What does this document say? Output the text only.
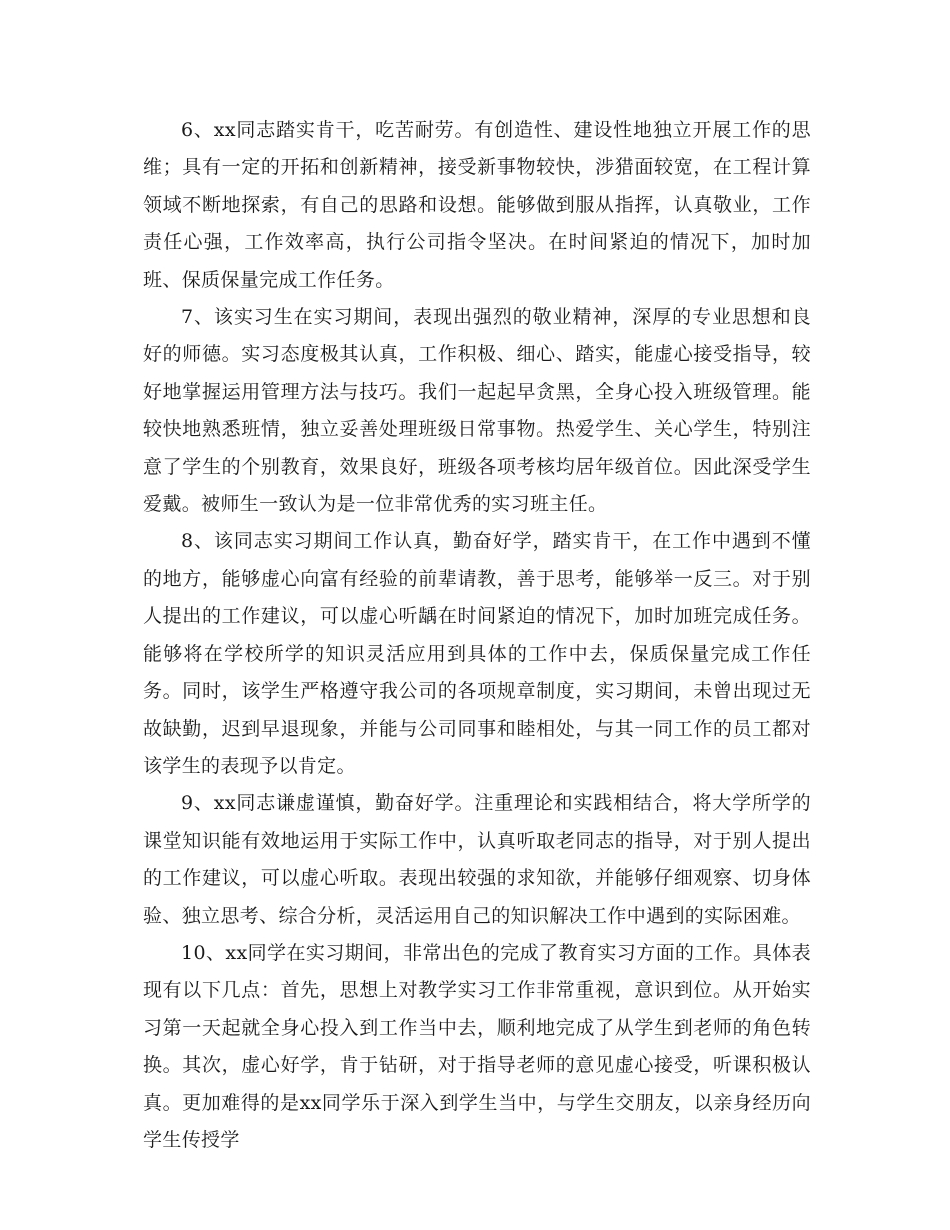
6、xx同志踏实肯干，吃苦耐劳。有创造性、建设性地独立开展工作的思维；具有一定的开拓和创新精神，接受新事物较快，涉猎面较宽，在工程计算领域不断地探索，有自己的思路和设想。能够做到服从指挥，认真敬业，工作责任心强，工作效率高，执行公司指令坚决。在时间紧迫的情况下，加时加班、保质保量完成工作任务。

7、该实习生在实习期间，表现出强烈的敬业精神，深厚的专业思想和良好的师德。实习态度极其认真，工作积极、细心、踏实，能虚心接受指导，较好地掌握运用管理方法与技巧。我们一起起早贪黑，全身心投入班级管理。能较快地熟悉班情，独立妥善处理班级日常事物。热爱学生、关心学生，特别注意了学生的个别教育，效果良好，班级各项考核均居年级首位。因此深受学生爱戴。被师生一致认为是一位非常优秀的实习班主任。

8、该同志实习期间工作认真，勤奋好学，踏实肯干，在工作中遇到不懂的地方，能够虚心向富有经验的前辈请教，善于思考，能够举一反三。对于别人提出的工作建议，可以虚心听龋在时间紧迫的情况下，加时加班完成任务。能够将在学校所学的知识灵活应用到具体的工作中去，保质保量完成工作任务。同时，该学生严格遵守我公司的各项规章制度，实习期间，未曾出现过无故缺勤，迟到早退现象，并能与公司同事和睦相处，与其一同工作的员工都对该学生的表现予以肯定。

9、xx同志谦虚谨慎，勤奋好学。注重理论和实践相结合，将大学所学的课堂知识能有效地运用于实际工作中，认真听取老同志的指导，对于别人提出的工作建议，可以虚心听取。表现出较强的求知欲，并能够仔细观察、切身体验、独立思考、综合分析，灵活运用自己的知识解决工作中遇到的实际困难。

10、xx同学在实习期间，非常出色的完成了教育实习方面的工作。具体表现有以下几点：首先，思想上对教学实习工作非常重视，意识到位。从开始实习第一天起就全身心投入到工作当中去，顺利地完成了从学生到老师的角色转换。其次，虚心好学，肯于钻研，对于指导老师的意见虚心接受，听课积极认真。更加难得的是xx同学乐于深入到学生当中，与学生交朋友，以亲身经历向学生传授学
